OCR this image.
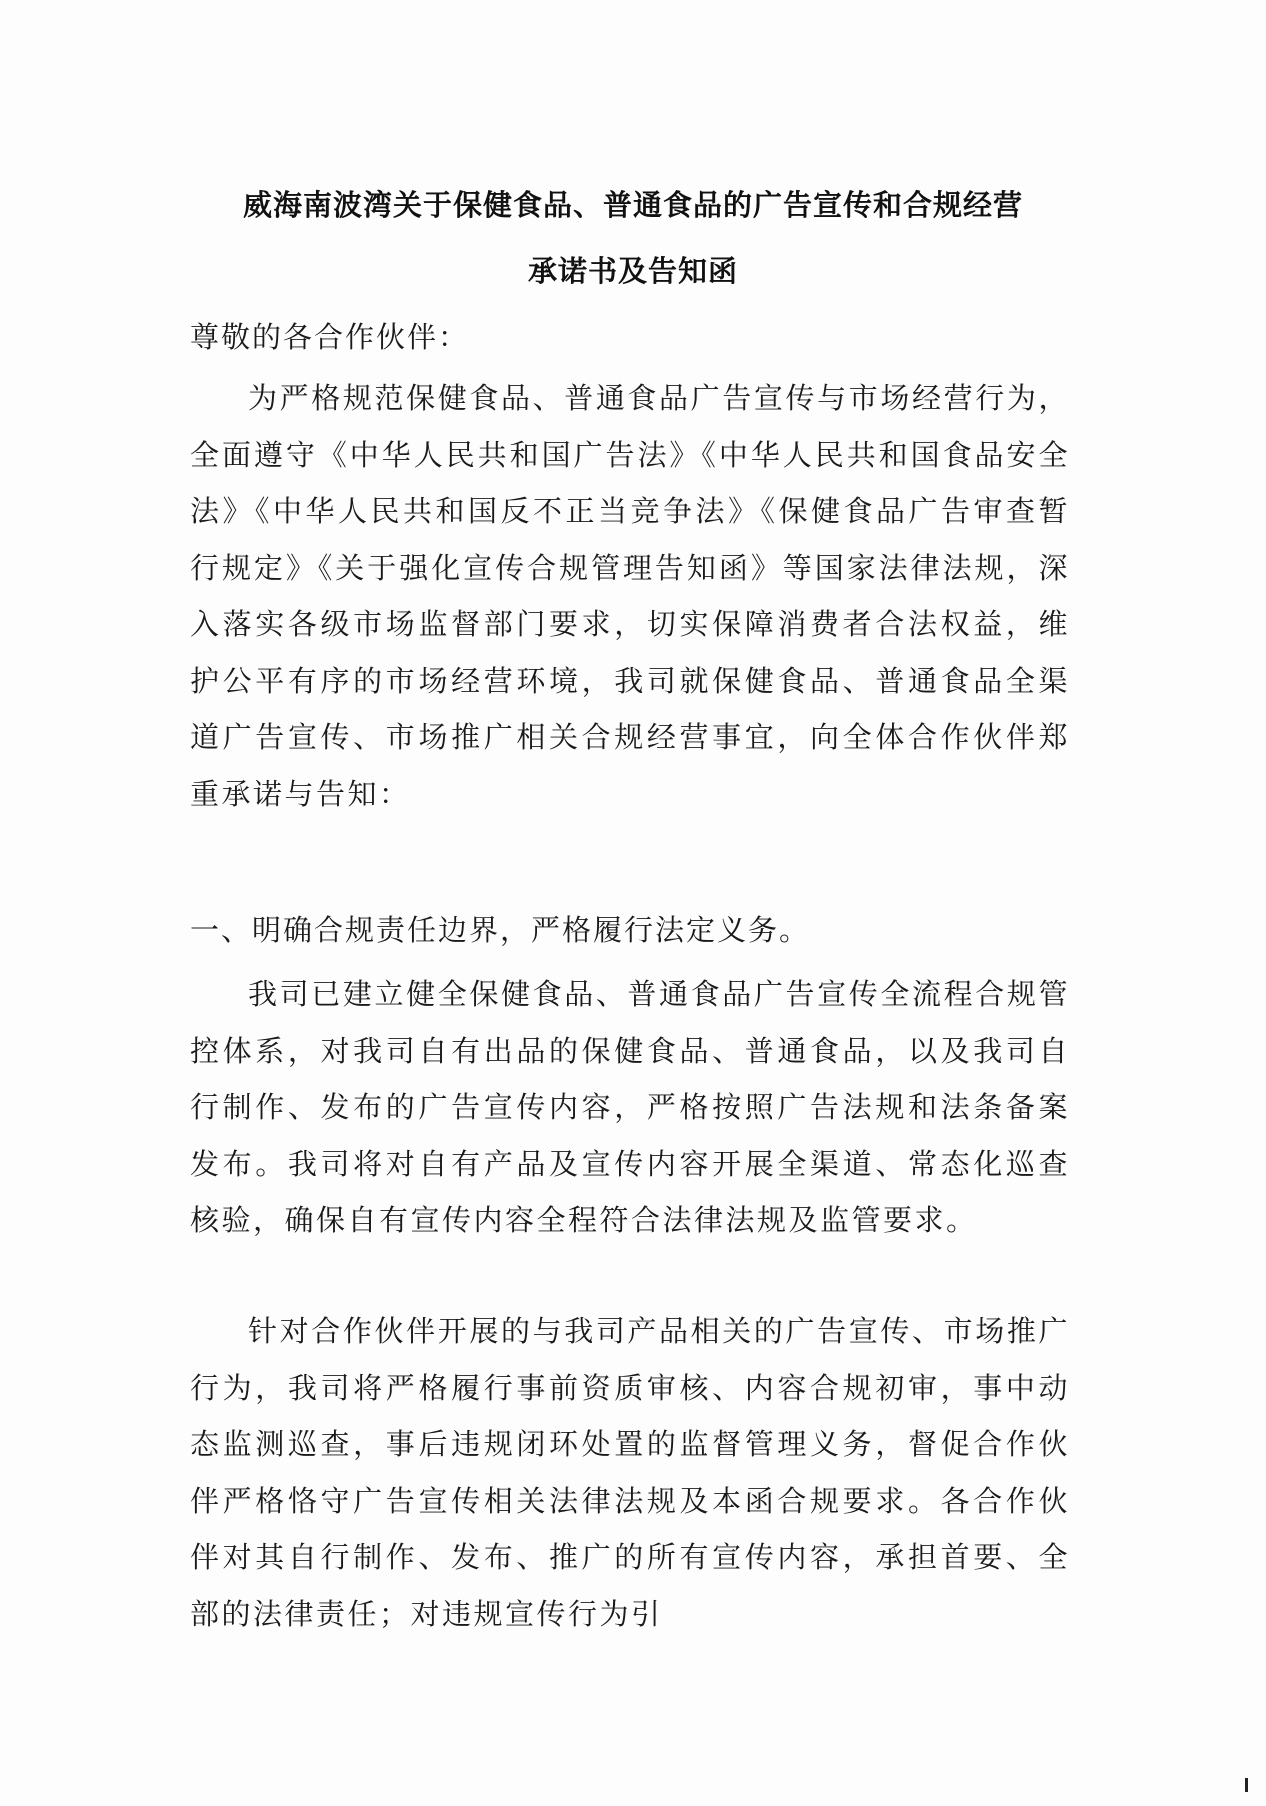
威海南波湾关于保健食品、普通食品的广告宣传和合规经营
承诺书及告知函
尊敬的各合作伙伴：

为严格规范保健食品、普通食品广告宣传与市场经营行为，全面遵守《中华人民共和国广告法》《中华人民共和国食品安全法》《中华人民共和国反不正当竞争法》《保健食品广告审查暂行规定》《关于强化宣传合规管理告知函》等国家法律法规，深入落实各级市场监督部门要求，切实保障消费者合法权益，维护公平有序的市场经营环境，我司就保健食品、普通食品全渠道广告宣传、市场推广相关合规经营事宜，向全体合作伙伴郑重承诺与告知：

一、明确合规责任边界，严格履行法定义务。

我司已建立健全保健食品、普通食品广告宣传全流程合规管控体系，对我司自有出品的保健食品、普通食品，以及我司自行制作、发布的广告宣传内容，严格按照广告法规和法条备案发布。我司将对自有产品及宣传内容开展全渠道、常态化巡查核验，确保自有宣传内容全程符合法律法规及监管要求。

针对合作伙伴开展的与我司产品相关的广告宣传、市场推广行为，我司将严格履行事前资质审核、内容合规初审，事中动态监测巡查，事后违规闭环处置的监督管理义务，督促合作伙伴严格恪守广告宣传相关法律法规及本函合规要求。各合作伙伴对其自行制作、发布、推广的所有宣传内容，承担首要、全部的法律责任；对违规宣传行为引
